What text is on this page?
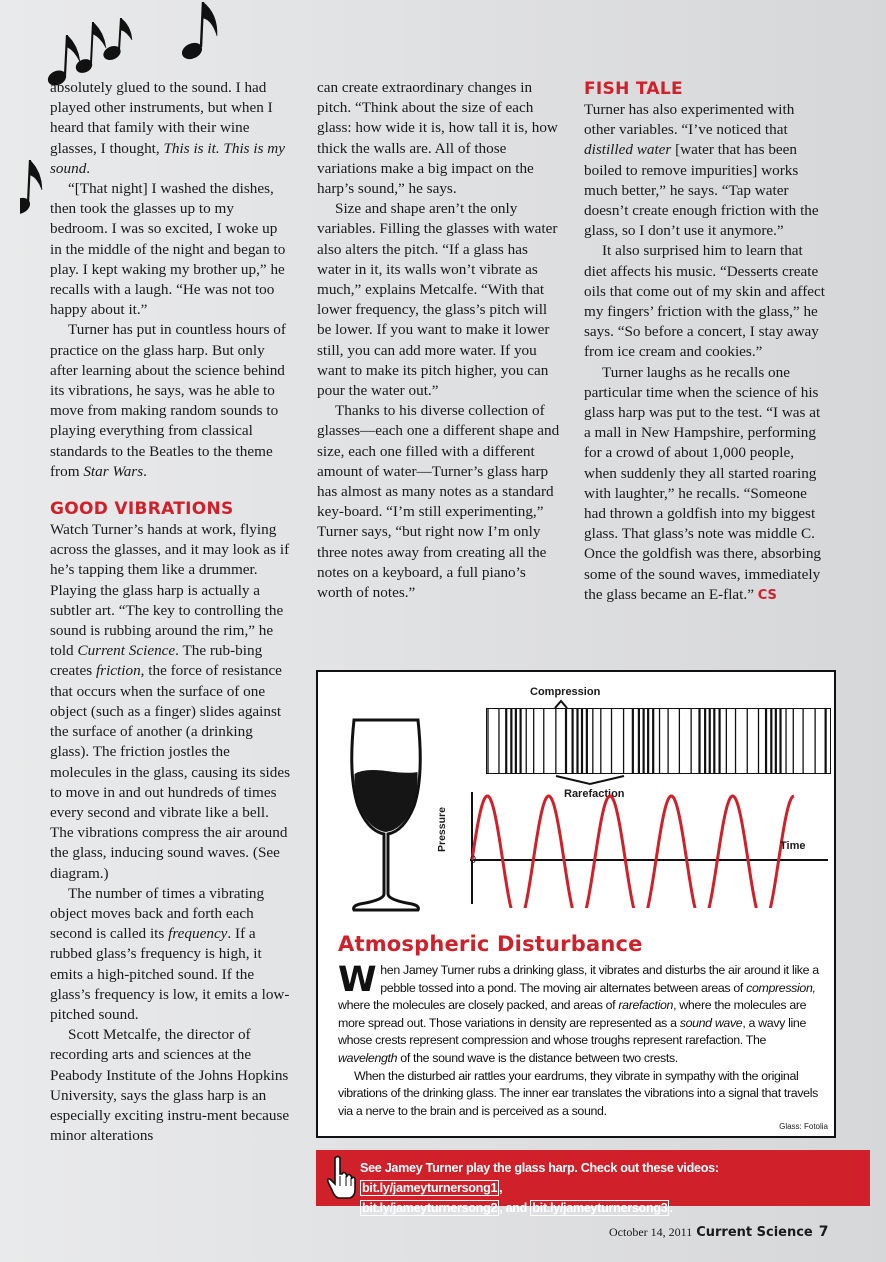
absolutely glued to the sound. I had played other instruments, but when I heard that family with their wine glasses, I thought, This is it. This is my sound.

“[That night] I washed the dishes, then took the glasses up to my bedroom. I was so excited, I woke up in the middle of the night and began to play. I kept waking my brother up,” he recalls with a laugh. “He was not too happy about it.”

Turner has put in countless hours of practice on the glass harp. But only after learning about the science behind its vibrations, he says, was he able to move from making random sounds to playing everything from classical standards to the Beatles to the theme from Star Wars.

GOOD VIBRATIONS

Watch Turner’s hands at work, flying across the glasses, and it may look as if he’s tapping them like a drummer. Playing the glass harp is actually a subtler art. “The key to controlling the sound is rubbing around the rim,” he told Current Science. The rub-bing creates friction, the force of resistance that occurs when the surface of one object (such as a finger) slides against the surface of another (a drinking glass). The friction jostles the molecules in the glass, causing its sides to move in and out hundreds of times every second and vibrate like a bell. The vibrations compress the air around the glass, inducing sound waves. (See diagram.)

The number of times a vibrating object moves back and forth each second is called its frequency. If a rubbed glass’s frequency is high, it emits a high-pitched sound. If the glass’s frequency is low, it emits a low-pitched sound.

Scott Metcalfe, the director of recording arts and sciences at the Peabody Institute of the Johns Hopkins University, says the glass harp is an especially exciting instru-ment because minor alterations

can create extraordinary changes in pitch. “Think about the size of each glass: how wide it is, how tall it is, how thick the walls are. All of those variations make a big impact on the harp’s sound,” he says.

Size and shape aren’t the only variables. Filling the glasses with water also alters the pitch. “If a glass has water in it, its walls won’t vibrate as much,” explains Metcalfe. “With that lower frequency, the glass’s pitch will be lower. If you want to make it lower still, you can add more water. If you want to make its pitch higher, you can pour the water out.”

Thanks to his diverse collection of glasses—each one a different shape and size, each one filled with a different amount of water—Turner’s glass harp has almost as many notes as a standard key-board. “I’m still experimenting,” Turner says, “but right now I’m only three notes away from creating all the notes on a keyboard, a full piano’s worth of notes.”

FISH TALE

Turner has also experimented with other variables. “I’ve noticed that distilled water [water that has been boiled to remove impurities] works much better,” he says. “Tap water doesn’t create enough friction with the glass, so I don’t use it anymore.”

It also surprised him to learn that diet affects his music. “Desserts create oils that come out of my skin and affect my fingers’ friction with the glass,” he says. “So before a concert, I stay away from ice cream and cookies.”

Turner laughs as he recalls one particular time when the science of his glass harp was put to the test. “I was at a mall in New Hampshire, performing for a crowd of about 1,000 people, when suddenly they all started roaring with laughter,” he recalls. “Someone had thrown a goldfish into my biggest glass. That glass’s note was middle C. Once the goldfish was there, absorbing some of the sound waves, immediately the glass became an E-flat.” CS

Compression
Rarefaction
Pressure
0
Time
Atmospheric Disturbance

When Jamey Turner rubs a drinking glass, it vibrates and disturbs the air around it like a pebble tossed into a pond. The moving air alternates between areas of compression, where the molecules are closely packed, and areas of rarefaction, where the molecules are more spread out. Those variations in density are represented as a sound wave, a wavy line whose crests represent compression and whose troughs represent rarefaction. The wavelength of the sound wave is the distance between two crests.

When the disturbed air rattles your eardrums, they vibrate in sympathy with the original vibrations of the drinking glass. The inner ear translates the vibrations into a signal that travels via a nerve to the brain and is perceived as a sound.

Glass: Fotolia
See Jamey Turner play the glass harp. Check out these videos: bit.ly/jameyturnersong1 ,
bit.ly/jameyturnersong2 , and bit.ly/jameyturnersong3 .
October 14, 2011 Current Science 7
